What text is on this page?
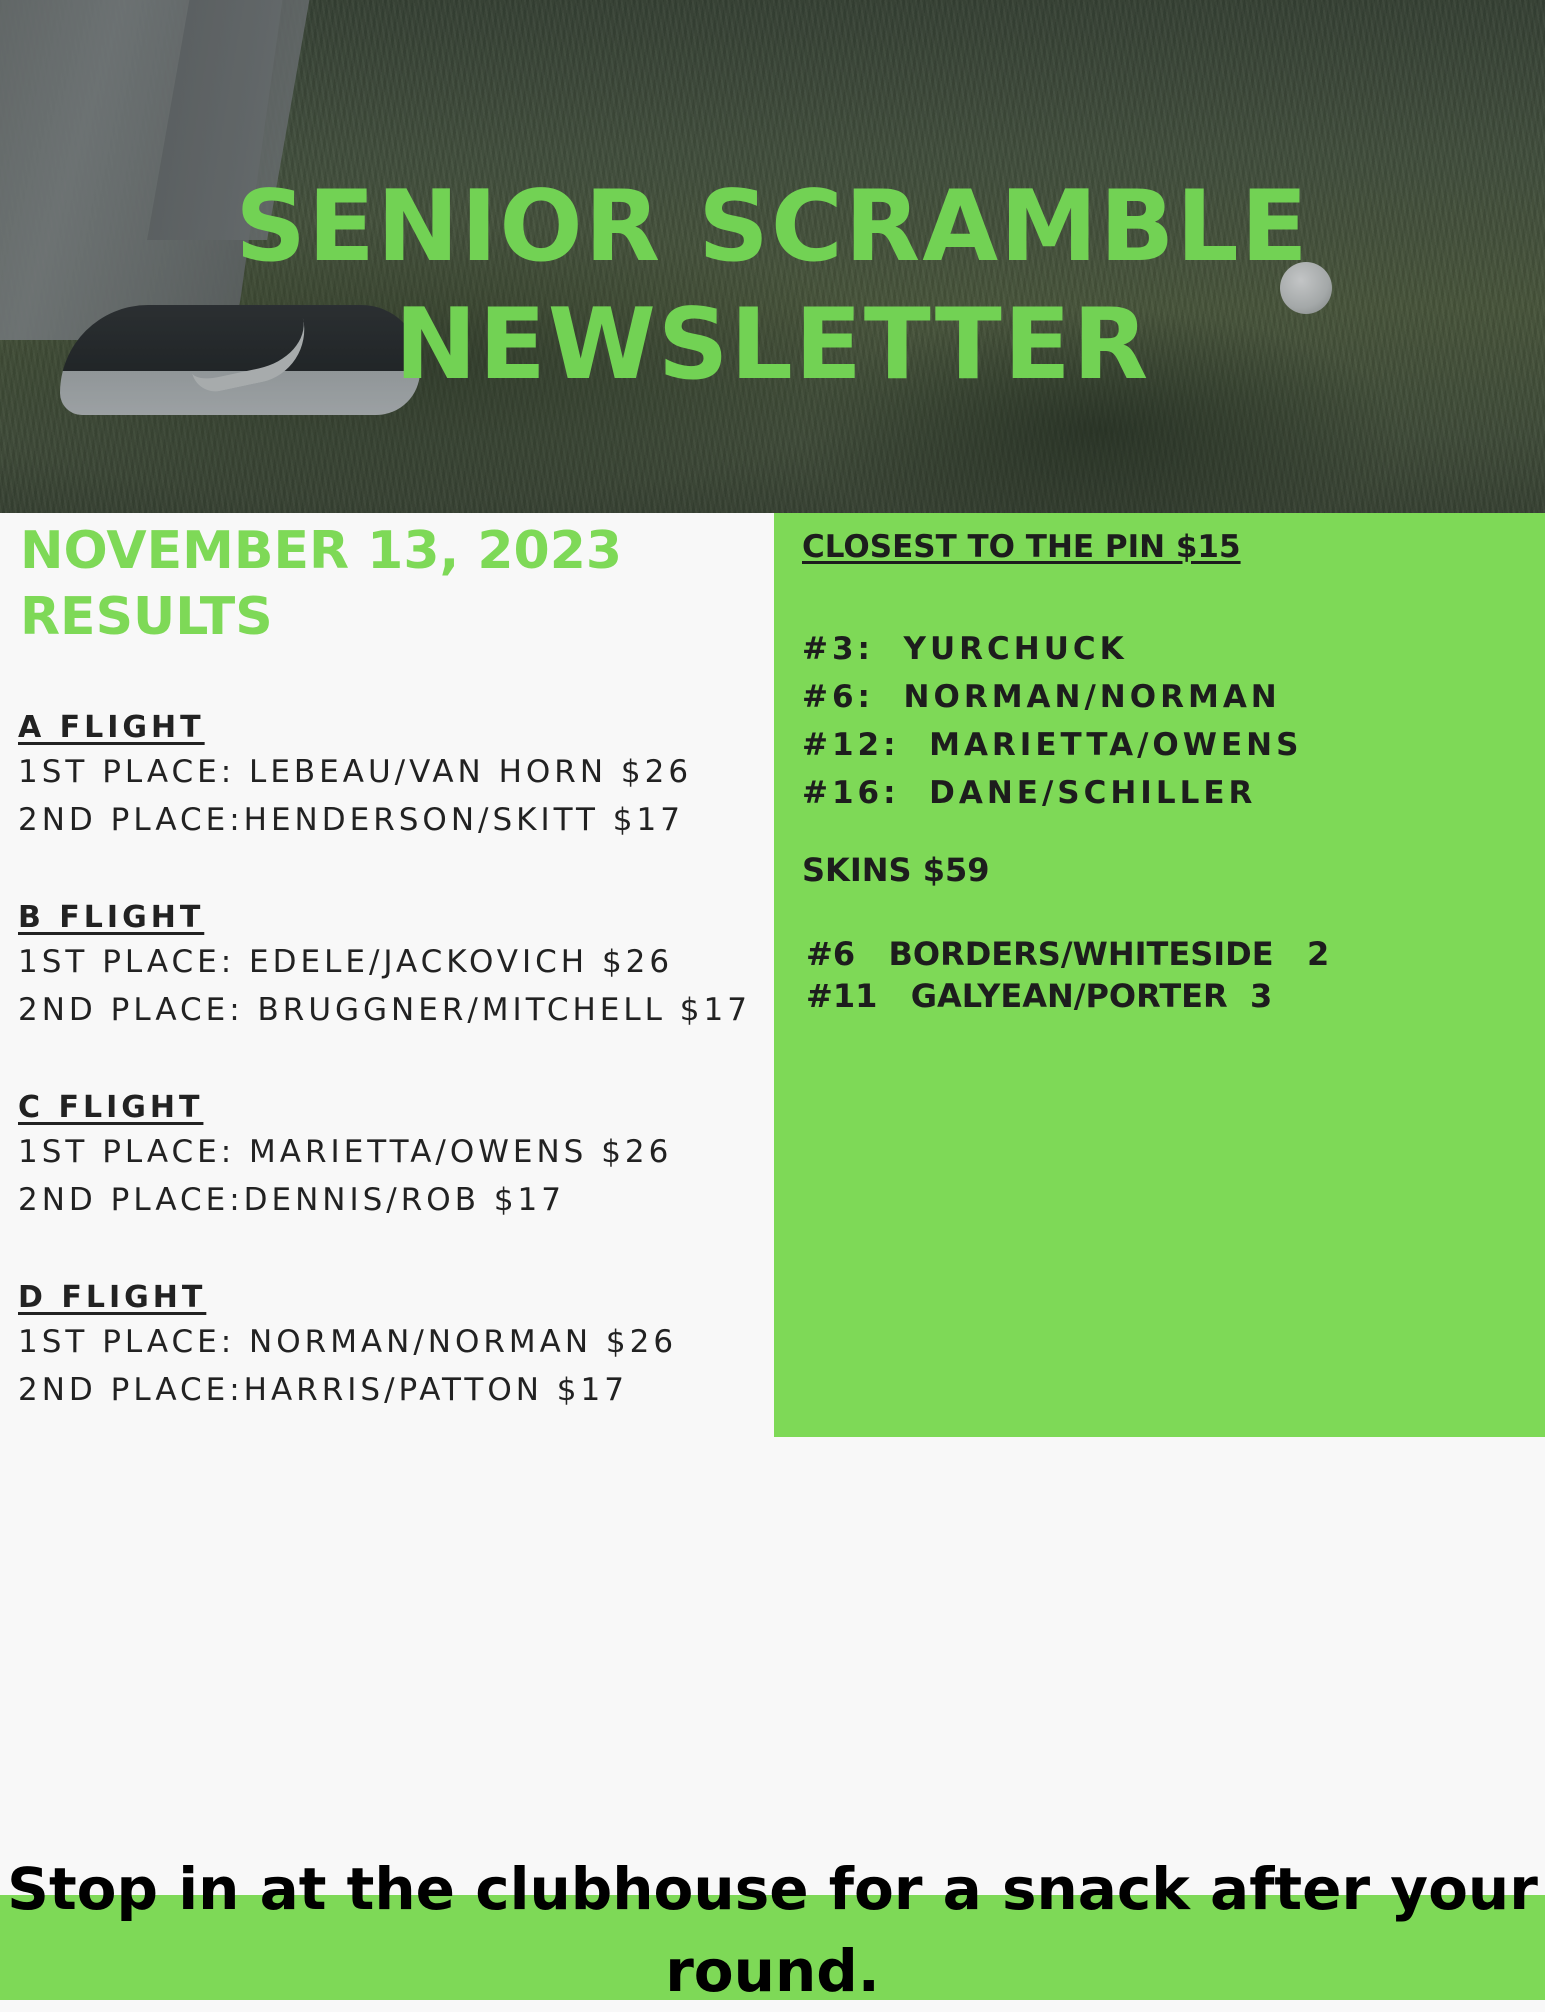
SENIOR SCRAMBLE
NEWSLETTER
NOVEMBER 13, 2023
RESULTS

A FLIGHT

1ST PLACE: LEBEAU/VAN HORN $26

2ND PLACE:HENDERSON/SKITT $17

B FLIGHT

1ST PLACE: EDELE/JACKOVICH $26

2ND PLACE: BRUGGNER/MITCHELL $17

C FLIGHT

1ST PLACE: MARIETTA/OWENS $26

2ND PLACE:DENNIS/ROB $17

D FLIGHT

1ST PLACE: NORMAN/NORMAN $26

2ND PLACE:HARRIS/PATTON $17

CLOSEST TO THE PIN $15

#3:  YURCHUCK
#6:  NORMAN/NORMAN
#12:  MARIETTA/OWENS
#16:  DANE/SCHILLER

SKINS $59

#6   BORDERS/WHITESIDE   2
#11   GALYEAN/PORTER  3

Stop in at the clubhouse for a snack after your round.
